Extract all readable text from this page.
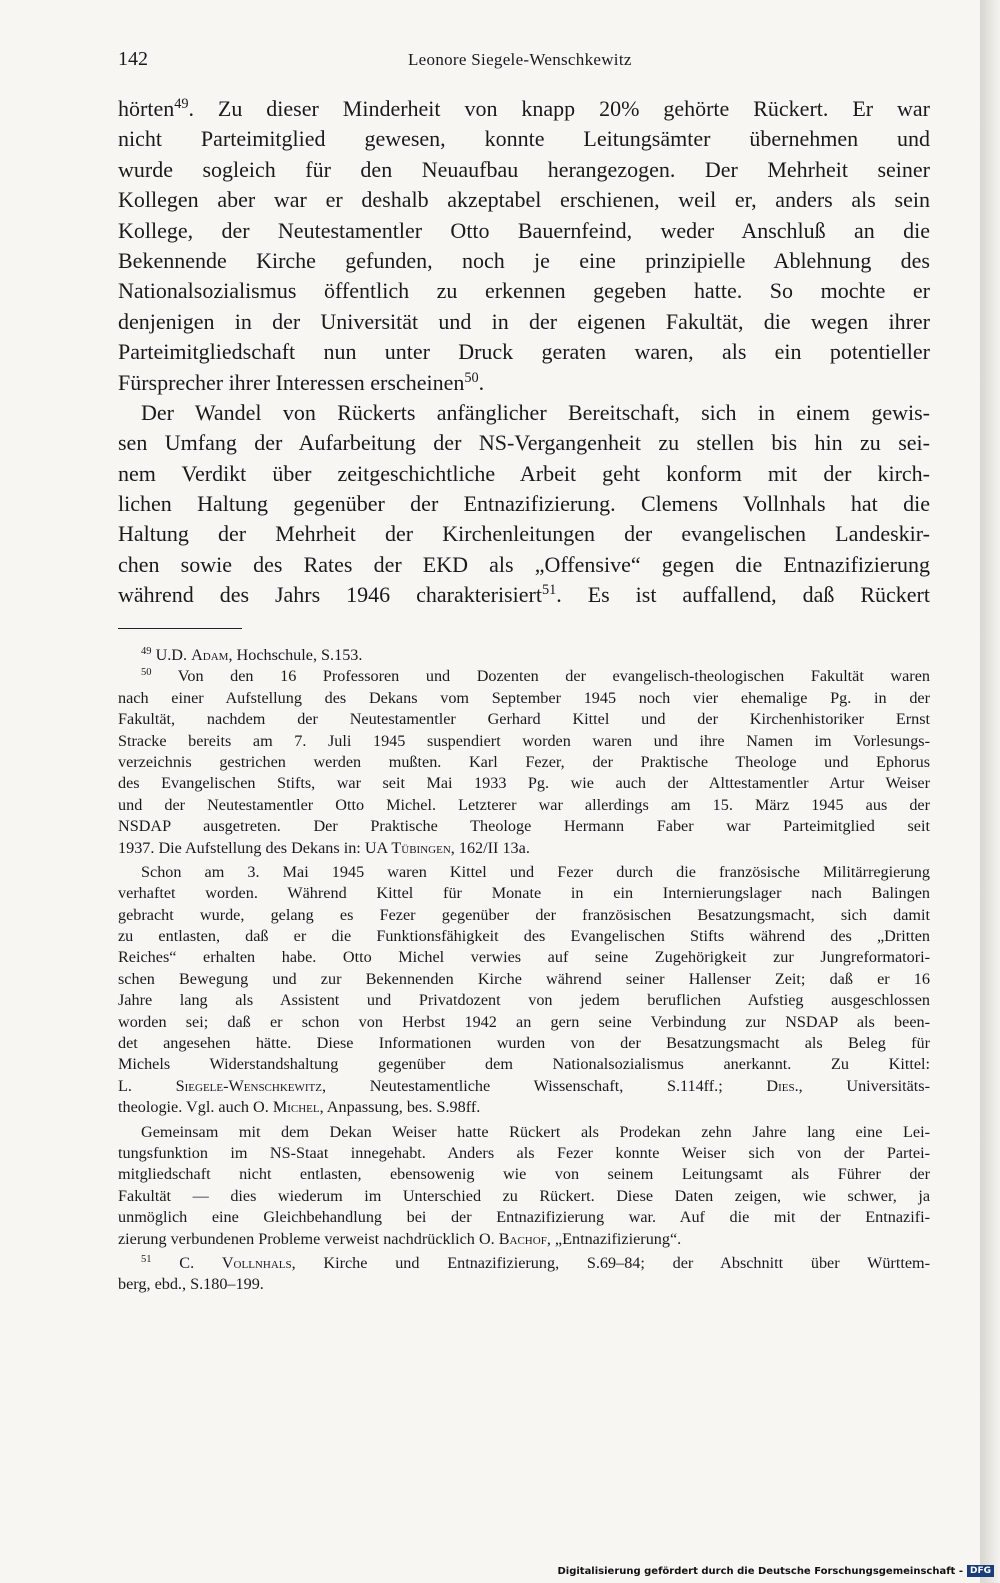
142	Leonore Siegele-Wenschkewitz
hörten$^{49}$. Zu dieser Minderheit von knapp 20% gehörte Rückert. Er war
nicht Parteimitglied gewesen, konnte Leitungsämter übernehmen und
wurde sogleich für den Neuaufbau herangezogen. Der Mehrheit seiner
Kollegen aber war er deshalb akzeptabel erschienen, weil er, anders als sein
Kollege, der Neutestamentler Otto Bauernfeind, weder Anschluß an die
Bekennende Kirche gefunden, noch je eine prinzipielle Ablehnung des
Nationalsozialismus öffentlich zu erkennen gegeben hatte. So mochte er
denjenigen in der Universität und in der eigenen Fakultät, die wegen ihrer
Parteimitgliedschaft nun unter Druck geraten waren, als ein potentieller
Fürsprecher ihrer Interessen erscheinen$^{50}$.
Der Wandel von Rückerts anfänglicher Bereitschaft, sich in einem gewis-
sen Umfang der Aufarbeitung der NS-Vergangenheit zu stellen bis hin zu sei-
nem Verdikt über zeitgeschichtliche Arbeit geht konform mit der kirch-
lichen Haltung gegenüber der Entnazifizierung. Clemens Vollnhals hat die
Haltung der Mehrheit der Kirchenleitungen der evangelischen Landeskir-
chen sowie des Rates der EKD als „Offensive“ gegen die Entnazifizierung
während des Jahrs 1946 charakterisiert$^{51}$. Es ist auffallend, daß Rückert
$^{49}$ U.D. Adam, Hochschule, S.153.
$^{50}$ Von den 16 Professoren und Dozenten der evangelisch-theologischen Fakultät waren
nach einer Aufstellung des Dekans vom September 1945 noch vier ehemalige Pg. in der
Fakultät, nachdem der Neutestamentler Gerhard Kittel und der Kirchenhistoriker Ernst
Stracke bereits am 7. Juli 1945 suspendiert worden waren und ihre Namen im Vorlesungs-
verzeichnis gestrichen werden mußten. Karl Fezer, der Praktische Theologe und Ephorus
des Evangelischen Stifts, war seit Mai 1933 Pg. wie auch der Alttestamentler Artur Weiser
und der Neutestamentler Otto Michel. Letzterer war allerdings am 15. März 1945 aus der
NSDAP ausgetreten. Der Praktische Theologe Hermann Faber war Parteimitglied seit
1937. Die Aufstellung des Dekans in: UA Tübingen, 162/II 13a.
Schon am 3. Mai 1945 waren Kittel und Fezer durch die französische Militärregierung
verhaftet worden. Während Kittel für Monate in ein Internierungslager nach Balingen
gebracht wurde, gelang es Fezer gegenüber der französischen Besatzungsmacht, sich damit
zu entlasten, daß er die Funktionsfähigkeit des Evangelischen Stifts während des „Dritten
Reiches“ erhalten habe. Otto Michel verwies auf seine Zugehörigkeit zur Jungreformatori-
schen Bewegung und zur Bekennenden Kirche während seiner Hallenser Zeit; daß er 16
Jahre lang als Assistent und Privatdozent von jedem beruflichen Aufstieg ausgeschlossen
worden sei; daß er schon von Herbst 1942 an gern seine Verbindung zur NSDAP als been-
det angesehen hätte. Diese Informationen wurden von der Besatzungsmacht als Beleg für
Michels Widerstandshaltung gegenüber dem Nationalsozialismus anerkannt. Zu Kittel:
L. Siegele-Wenschkewitz, Neutestamentliche Wissenschaft, S.114ff.; Dies., Universitäts-
theologie. Vgl. auch O. Michel, Anpassung, bes. S.98ff.
Gemeinsam mit dem Dekan Weiser hatte Rückert als Prodekan zehn Jahre lang eine Lei-
tungsfunktion im NS-Staat innegehabt. Anders als Fezer konnte Weiser sich von der Partei-
mitgliedschaft nicht entlasten, ebensowenig wie von seinem Leitungsamt als Führer der
Fakultät — dies wiederum im Unterschied zu Rückert. Diese Daten zeigen, wie schwer, ja
unmöglich eine Gleichbehandlung bei der Entnazifizierung war. Auf die mit der Entnazifi-
zierung verbundenen Probleme verweist nachdrücklich O. Bachof, „Entnazifizierung“.
$^{51}$ C. Vollnhals, Kirche und Entnazifizierung, S.69–84; der Abschnitt über Württem-
berg, ebd., S.180–199.
Digitalisierung gefördert durch die Deutsche Forschungsgemeinschaft - DFG
